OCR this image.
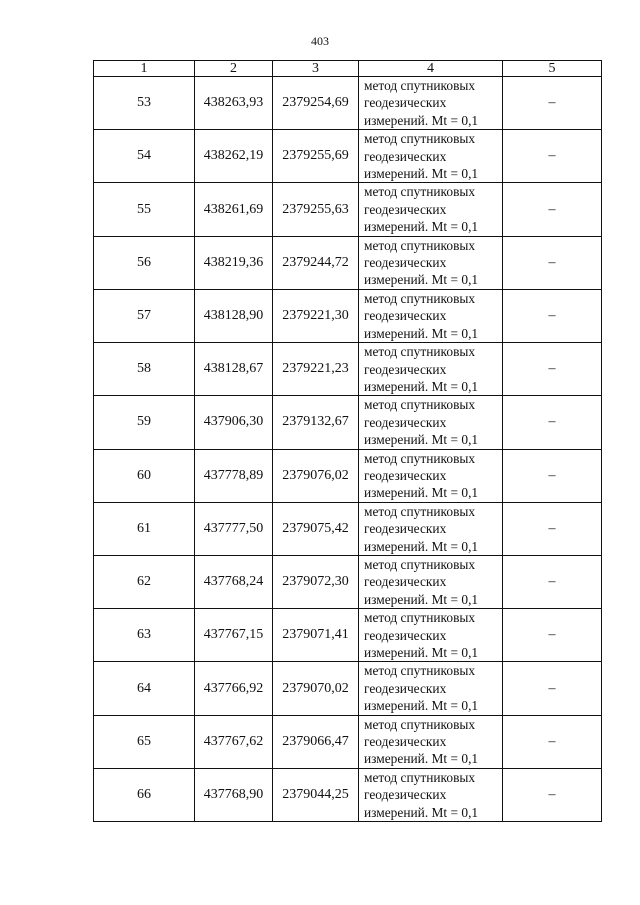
403
1	2	3	4	5
53	438263,93	2379254,69	метод спутниковых
геодезических
измерений. Mt = 0,1	–
54	438262,19	2379255,69	метод спутниковых
геодезических
измерений. Mt = 0,1	–
55	438261,69	2379255,63	метод спутниковых
геодезических
измерений. Mt = 0,1	–
56	438219,36	2379244,72	метод спутниковых
геодезических
измерений. Mt = 0,1	–
57	438128,90	2379221,30	метод спутниковых
геодезических
измерений. Mt = 0,1	–
58	438128,67	2379221,23	метод спутниковых
геодезических
измерений. Mt = 0,1	–
59	437906,30	2379132,67	метод спутниковых
геодезических
измерений. Mt = 0,1	–
60	437778,89	2379076,02	метод спутниковых
геодезических
измерений. Mt = 0,1	–
61	437777,50	2379075,42	метод спутниковых
геодезических
измерений. Mt = 0,1	–
62	437768,24	2379072,30	метод спутниковых
геодезических
измерений. Mt = 0,1	–
63	437767,15	2379071,41	метод спутниковых
геодезических
измерений. Mt = 0,1	–
64	437766,92	2379070,02	метод спутниковых
геодезических
измерений. Mt = 0,1	–
65	437767,62	2379066,47	метод спутниковых
геодезических
измерений. Mt = 0,1	–
66	437768,90	2379044,25	метод спутниковых
геодезических
измерений. Mt = 0,1	–
